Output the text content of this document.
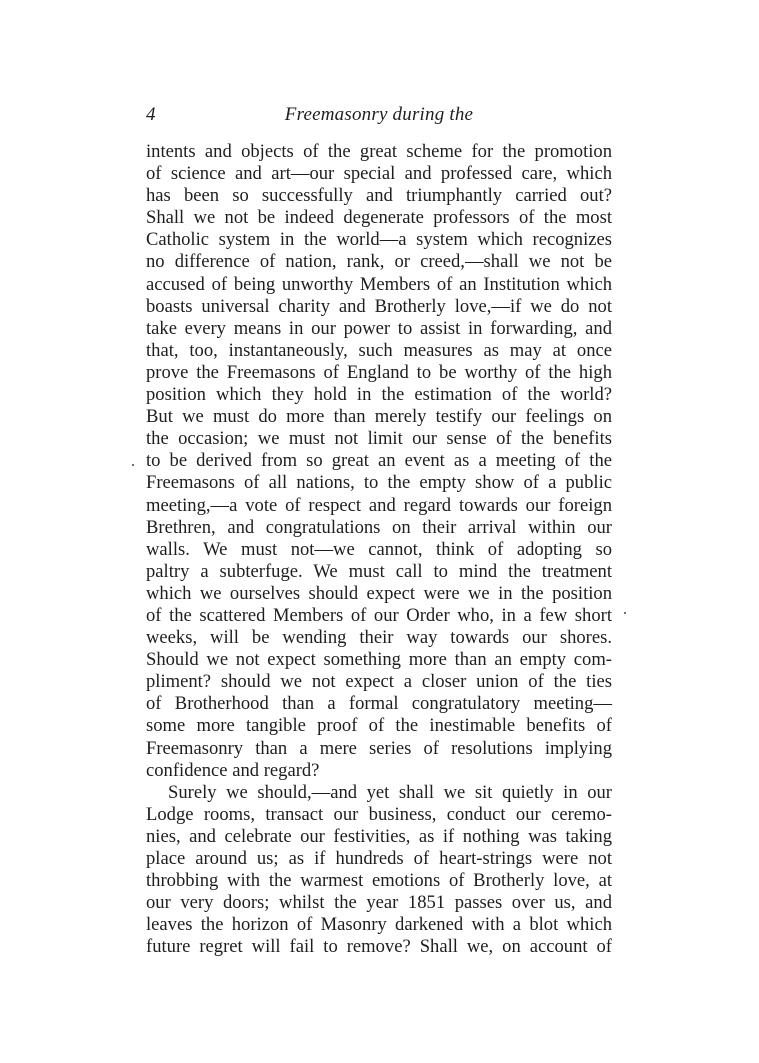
4	Freemasonry during the
intents and objects of the great scheme for the promotion
of science and art—our special and professed care, which
has been so successfully and triumphantly carried out?
Shall we not be indeed degenerate professors of the most
Catholic system in the world—a system which recognizes
no difference of nation, rank, or creed,—shall we not be
accused of being unworthy Members of an Institution which
boasts universal charity and Brotherly love,—if we do not
take every means in our power to assist in forwarding, and
that, too, instantaneously, such measures as may at once
prove the Freemasons of England to be worthy of the high
position which they hold in the estimation of the world?
But we must do more than merely testify our feelings on
the occasion; we must not limit our sense of the benefits
to be derived from so great an event as a meeting of the
Freemasons of all nations, to the empty show of a public
meeting,—a vote of respect and regard towards our foreign
Brethren, and congratulations on their arrival within our
walls. We must not—we cannot, think of adopting so
paltry a subterfuge. We must call to mind the treatment
which we ourselves should expect were we in the position
of the scattered Members of our Order who, in a few short
weeks, will be wending their way towards our shores.
Should we not expect something more than an empty com-
pliment? should we not expect a closer union of the ties
of Brotherhood than a formal congratulatory meeting—
some more tangible proof of the inestimable benefits of
Freemasonry than a mere series of resolutions implying
confidence and regard?
Surely we should,—and yet shall we sit quietly in our
Lodge rooms, transact our business, conduct our ceremo-
nies, and celebrate our festivities, as if nothing was taking
place around us; as if hundreds of heart-strings were not
throbbing with the warmest emotions of Brotherly love, at
our very doors; whilst the year 1851 passes over us, and
leaves the horizon of Masonry darkened with a blot which
future regret will fail to remove? Shall we, on account of
